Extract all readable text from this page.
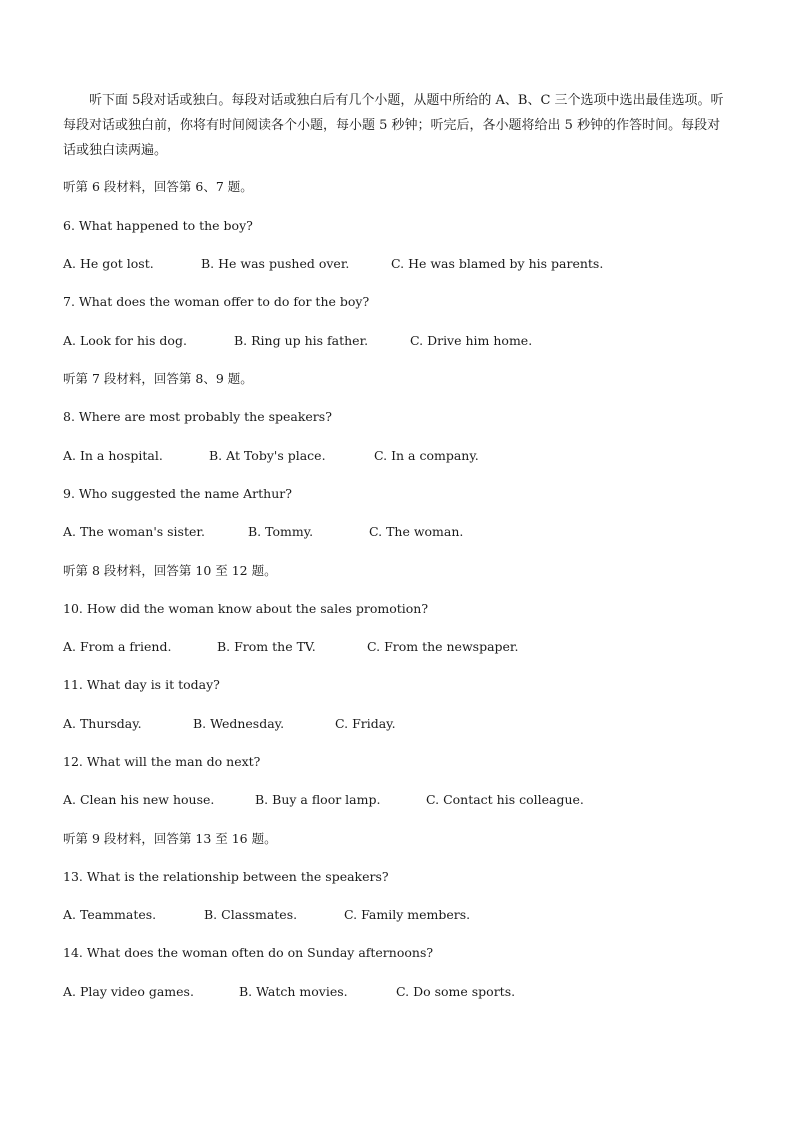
听下面 5段对话或独白。每段对话或独白后有几个小题，从题中所给的 A、B、C 三个选项中选出最佳选项。听每段对话或独白前，你将有时间阅读各个小题，每小题 5 秒钟；听完后，各小题将给出 5 秒钟的作答时间。每段对话或独白读两遍。

听第 6 段材料，回答第 6、7 题。

6. What happened to the boy?

A. He got lost.	B. He was pushed over.	C. He was blamed by his parents.

7. What does the woman offer to do for the boy?

A. Look for his dog.	B. Ring up his father.	C. Drive him home.

听第 7 段材料，回答第 8、9 题。

8. Where are most probably the speakers?

A. In a hospital.	B. At Toby's place.	C. In a company.

9. Who suggested the name Arthur?

A. The woman's sister.	B. Tommy.	C. The woman.

听第 8 段材料，回答第 10 至 12 题。

10. How did the woman know about the sales promotion?

A. From a friend.	B. From the TV.	C. From the newspaper.

11. What day is it today?

A. Thursday.	B. Wednesday.	C. Friday.

12. What will the man do next?

A. Clean his new house.	B. Buy a floor lamp.	C. Contact his colleague.

听第 9 段材料，回答第 13 至 16 题。

13. What is the relationship between the speakers?

A. Teammates.	B. Classmates.	C. Family members.

14. What does the woman often do on Sunday afternoons?

A. Play video games.	B. Watch movies.	C. Do some sports.
